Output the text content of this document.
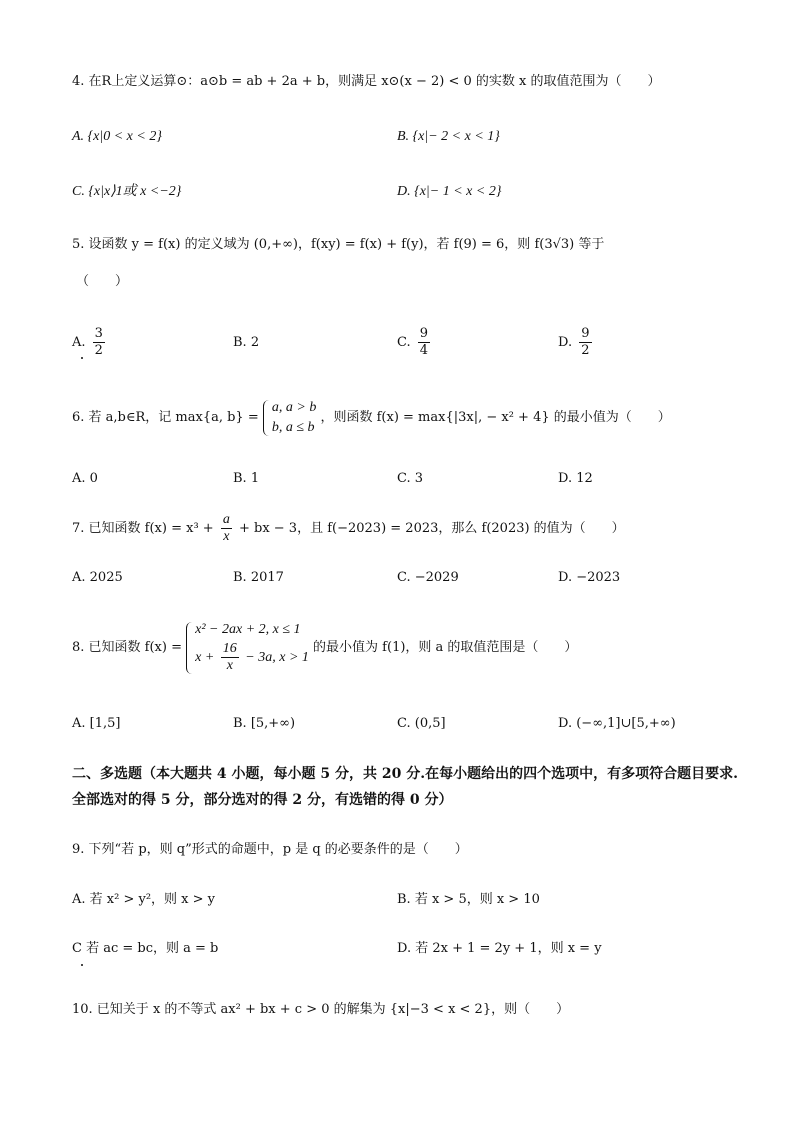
4. 在R上定义运算⊙：a⊙b = ab + 2a + b，则满足 x⊙(x − 2) < 0 的实数 x 的取值范围为（　　）
A. {x|0 < x < 2}	B. {x|− 2 < x < 1}
C. {x|x⟩1或 x <−2}	D. {x|− 1 < x < 2}
5. 设函数 y = f(x) 的定义域为 (0,+∞)，f(xy) = f(x) + f(y)，若 f(9) = 6，则 f(3√3) 等于
（　　）
A. $\frac{3}{2}$	B. 2	C. $\frac{9}{4}$	D. $\frac{9}{2}$
6. 若 a,b∈R，记 max{a, b} =
a, a > b
b, a ≤ b
，则函数 f(x) = max{|3x|, − x² + 4} 的最小值为（　　）
A. 0	B. 1	C. 3	D. 12
7. 已知函数 $f(x) = x^3 + \frac{a}{x}$ + bx − 3，且 f(−2023) = 2023，那么 f(2023) 的值为（　　）
A. 2025	B. 2017	C. −2029	D. −2023
8. 已知函数 f(x) =
x² − 2ax + 2, x ≤ 1
$x + \frac{16}{x} - 3a$, x > 1
的最小值为 f(1)，则 a 的取值范围是（　　）
A. [1,5]	B. [5,+∞)	C. (0,5]	D. (−∞,1]∪[5,+∞)
二、多选题（本大题共 4 小题，每小题 5 分，共 20 分.在每小题给出的四个选项中，有多项符合题目要求.全部选对的得 5 分，部分选对的得 2 分，有选错的得 0 分）
9. 下列“若 p，则 q”形式的命题中，p 是 q 的必要条件的是（　　）
A. 若 x² > y²，则 x > y	B. 若 x > 5，则 x > 10
C 若 ac = bc，则 a = b	D. 若 2x + 1 = 2y + 1，则 x = y
10. 已知关于 x 的不等式 ax² + bx + c > 0 的解集为 {x|−3 < x < 2}，则（　　）
